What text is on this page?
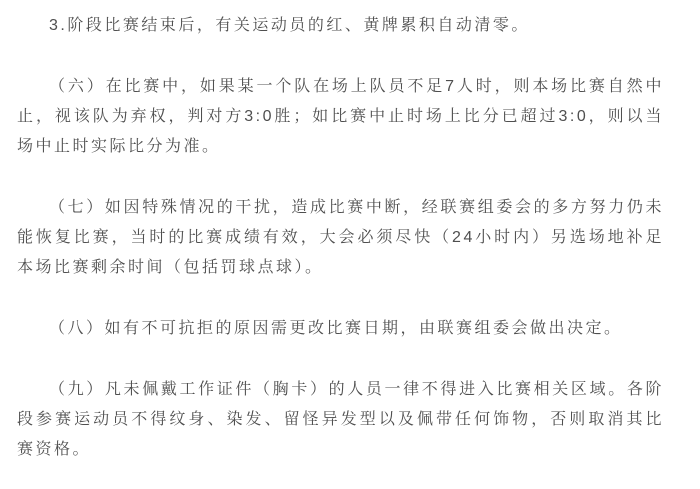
3.阶段比赛结束后，有关运动员的红、黄牌累积自动清零。

（六）在比赛中，如果某一个队在场上队员不足7人时，则本场比赛自然中止，视该队为弃权，判对方3:0胜；如比赛中止时场上比分已超过3:0，则以当场中止时实际比分为准。

（七）如因特殊情况的干扰，造成比赛中断，经联赛组委会的多方努力仍未能恢复比赛，当时的比赛成绩有效，大会必须尽快（24小时内）另选场地补足本场比赛剩余时间（包括罚球点球）。

（八）如有不可抗拒的原因需更改比赛日期，由联赛组委会做出决定。

（九）凡未佩戴工作证件（胸卡）的人员一律不得进入比赛相关区域。各阶段参赛运动员不得纹身、染发、留怪异发型以及佩带任何饰物，否则取消其比赛资格。
